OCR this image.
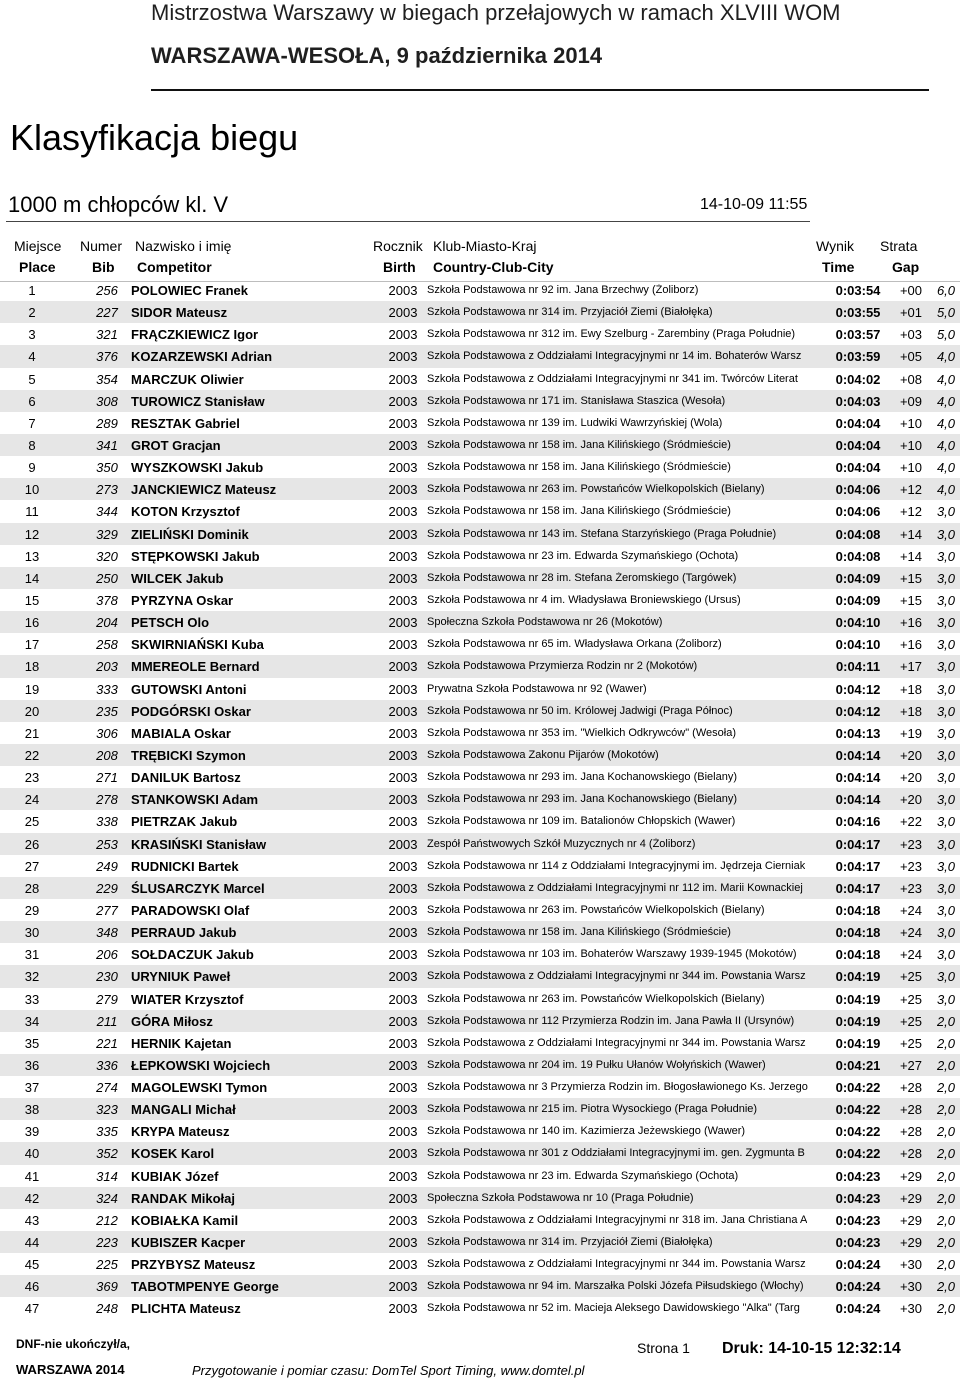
Mistrzostwa Warszawy w biegach przełajowych w ramach XLVIII WOM
WARSZAWA-WESOŁA, 9 października 2014
Klasyfikacja biegu
1000 m chłopców kl. V	14-10-09 11:55
Miejsce
Place
Numer
Bib
Nazwisko i imię
Competitor
Rocznik
Birth
Klub-Miasto-Kraj
Country-Club-City
Wynik
Time
Strata
Gap
1	256	POLOWIEC Franek	2003 Szkoła Podstawowa nr 92 im. Jana Brzechwy (Żoliborz)	0:03:54	+00 6,0
2	227	SIDOR Mateusz	2003 Szkoła Podstawowa nr 314 im. Przyjaciół Ziemi (Białołęka)	0:03:55	+01 5,0
3	321	FRĄCZKIEWICZ Igor	2003 Szkoła Podstawowa nr 312 im. Ewy Szelburg - Zarembiny (Praga Południe)	0:03:57	+03 5,0
4	376	KOZARZEWSKI Adrian	2003 Szkoła Podstawowa z Oddziałami Integracyjnymi nr 14 im. Bohaterów Warsz	0:03:59	+05 4,0
5	354	MARCZUK Oliwier	2003 Szkoła Podstawowa z Oddziałami Integracyjnymi nr 341 im. Twórców Literat	0:04:02	+08 4,0
6	308	TUROWICZ Stanisław	2003 Szkoła Podstawowa nr 171 im. Stanisława Staszica (Wesoła)	0:04:03	+09 4,0
7	289	RESZTAK Gabriel	2003 Szkoła Podstawowa nr 139 im. Ludwiki Wawrzyńskiej (Wola)	0:04:04	+10 4,0
8	341	GROT Gracjan	2003 Szkoła Podstawowa nr 158 im. Jana Kilińskiego (Śródmieście)	0:04:04	+10 4,0
9	350	WYSZKOWSKI Jakub	2003 Szkoła Podstawowa nr 158 im. Jana Kilińskiego (Śródmieście)	0:04:04	+10 4,0
10	273	JANCKIEWICZ Mateusz	2003 Szkoła Podstawowa nr 263 im. Powstańców Wielkopolskich (Bielany)	0:04:06	+12 4,0
11	344	KOTON Krzysztof	2003 Szkoła Podstawowa nr 158 im. Jana Kilińskiego (Śródmieście)	0:04:06	+12 3,0
12	329	ZIELIŃSKI Dominik	2003 Szkoła Podstawowa nr 143 im. Stefana Starzyńskiego (Praga Południe)	0:04:08	+14 3,0
13	320	STĘPKOWSKI Jakub	2003 Szkoła Podstawowa nr 23 im. Edwarda Szymańskiego (Ochota)	0:04:08	+14 3,0
14	250	WILCEK Jakub	2003 Szkoła Podstawowa nr 28 im. Stefana Żeromskiego (Targówek)	0:04:09	+15 3,0
15	378	PYRZYNA Oskar	2003 Szkoła Podstawowa nr 4 im. Władysława Broniewskiego (Ursus)	0:04:09	+15 3,0
16	204	PETSCH Olo	2003 Społeczna Szkoła Podstawowa nr 26 (Mokotów)	0:04:10	+16 3,0
17	258	SKWIRNIAŃSKI Kuba	2003 Szkoła Podstawowa nr 65 im. Władysława Orkana (Żoliborz)	0:04:10	+16 3,0
18	203	MMEREOLE Bernard	2003 Szkoła Podstawowa Przymierza Rodzin nr 2 (Mokotów)	0:04:11	+17 3,0
19	333	GUTOWSKI Antoni	2003 Prywatna Szkoła Podstawowa nr 92 (Wawer)	0:04:12	+18 3,0
20	235	PODGÓRSKI Oskar	2003 Szkoła Podstawowa nr 50 im. Królowej Jadwigi (Praga Północ)	0:04:12	+18 3,0
21	306	MABIALA Oskar	2003 Szkoła Podstawowa nr 353 im. "Wielkich Odkrywców" (Wesoła)	0:04:13	+19 3,0
22	208	TRĘBICKI Szymon	2003 Szkoła Podstawowa Zakonu Pijarów (Mokotów)	0:04:14	+20 3,0
23	271	DANILUK Bartosz	2003 Szkoła Podstawowa nr 293 im. Jana Kochanowskiego (Bielany)	0:04:14	+20 3,0
24	278	STANKOWSKI Adam	2003 Szkoła Podstawowa nr 293 im. Jana Kochanowskiego (Bielany)	0:04:14	+20 3,0
25	338	PIETRZAK Jakub	2003 Szkoła Podstawowa nr 109 im. Batalionów Chłopskich (Wawer)	0:04:16	+22 3,0
26	253	KRASIŃSKI Stanisław	2003 Zespół Państwowych Szkół Muzycznych nr 4 (Żoliborz)	0:04:17	+23 3,0
27	249	RUDNICKI Bartek	2003 Szkoła Podstawowa nr 114 z Oddziałami Integracyjnymi im. Jędrzeja Cierniak	0:04:17	+23 3,0
28	229	ŚLUSARCZYK Marcel	2003 Szkoła Podstawowa z Oddziałami Integracyjnymi nr 112 im. Marii Kownackiej	0:04:17	+23 3,0
29	277	PARADOWSKI Olaf	2003 Szkoła Podstawowa nr 263 im. Powstańców Wielkopolskich (Bielany)	0:04:18	+24 3,0
30	348	PERRAUD Jakub	2003 Szkoła Podstawowa nr 158 im. Jana Kilińskiego (Śródmieście)	0:04:18	+24 3,0
31	206	SOŁDACZUK Jakub	2003 Szkoła Podstawowa nr 103 im. Bohaterów Warszawy 1939-1945 (Mokotów)	0:04:18	+24 3,0
32	230	URYNIUK Paweł	2003 Szkoła Podstawowa z Oddziałami Integracyjnymi nr 344 im. Powstania Warsz	0:04:19	+25 3,0
33	279	WIATER Krzysztof	2003 Szkoła Podstawowa nr 263 im. Powstańców Wielkopolskich (Bielany)	0:04:19	+25 3,0
34	211	GÓRA Miłosz	2003 Szkoła Podstawowa nr 112 Przymierza Rodzin im. Jana Pawła II (Ursynów)	0:04:19	+25 2,0
35	221	HERNIK Kajetan	2003 Szkoła Podstawowa z Oddziałami Integracyjnymi nr 344 im. Powstania Warsz	0:04:19	+25 2,0
36	336	ŁEPKOWSKI Wojciech	2003 Szkoła Podstawowa nr 204 im. 19 Pułku Ułanów Wołyńskich (Wawer)	0:04:21	+27 2,0
37	274	MAGOLEWSKI Tymon	2003 Szkoła Podstawowa nr 3 Przymierza Rodzin im. Błogosławionego Ks. Jerzego	0:04:22	+28 2,0
38	323	MANGALI Michał	2003 Szkoła Podstawowa nr 215 im. Piotra Wysockiego (Praga Południe)	0:04:22	+28 2,0
39	335	KRYPA Mateusz	2003 Szkoła Podstawowa nr 140 im. Kazimierza Jeżewskiego (Wawer)	0:04:22	+28 2,0
40	352	KOSEK Karol	2003 Szkoła Podstawowa nr 301 z Oddziałami Integracyjnymi im. gen. Zygmunta B	0:04:22	+28 2,0
41	314	KUBIAK Józef	2003 Szkoła Podstawowa nr 23 im. Edwarda Szymańskiego (Ochota)	0:04:23	+29 2,0
42	324	RANDAK Mikołaj	2003 Społeczna Szkoła Podstawowa nr 10 (Praga Południe)	0:04:23	+29 2,0
43	212	KOBIAŁKA Kamil	2003 Szkoła Podstawowa z Oddziałami Integracyjnymi nr 318 im. Jana Christiana A	0:04:23	+29 2,0
44	223	KUBISZER Kacper	2003 Szkoła Podstawowa nr 314 im. Przyjaciół Ziemi (Białołęka)	0:04:23	+29 2,0
45	225	PRZYBYSZ Mateusz	2003 Szkoła Podstawowa z Oddziałami Integracyjnymi nr 344 im. Powstania Warsz	0:04:24	+30 2,0
46	369	TABOTMPENYE George	2003 Szkoła Podstawowa nr 94 im. Marszałka Polski Józefa Piłsudskiego (Włochy)	0:04:24	+30 2,0
47	248	PLICHTA Mateusz	2003 Szkoła Podstawowa nr 52 im. Macieja Aleksego Dawidowskiego "Alka" (Targ	0:04:24	+30 2,0
DNF-nie ukończył/a,
WARSZAWA 2014	Przygotowanie i pomiar czasu: DomTel Sport Timing, www.domtel.pl
Strona 1 Druk: 14-10-15 12:32:14
